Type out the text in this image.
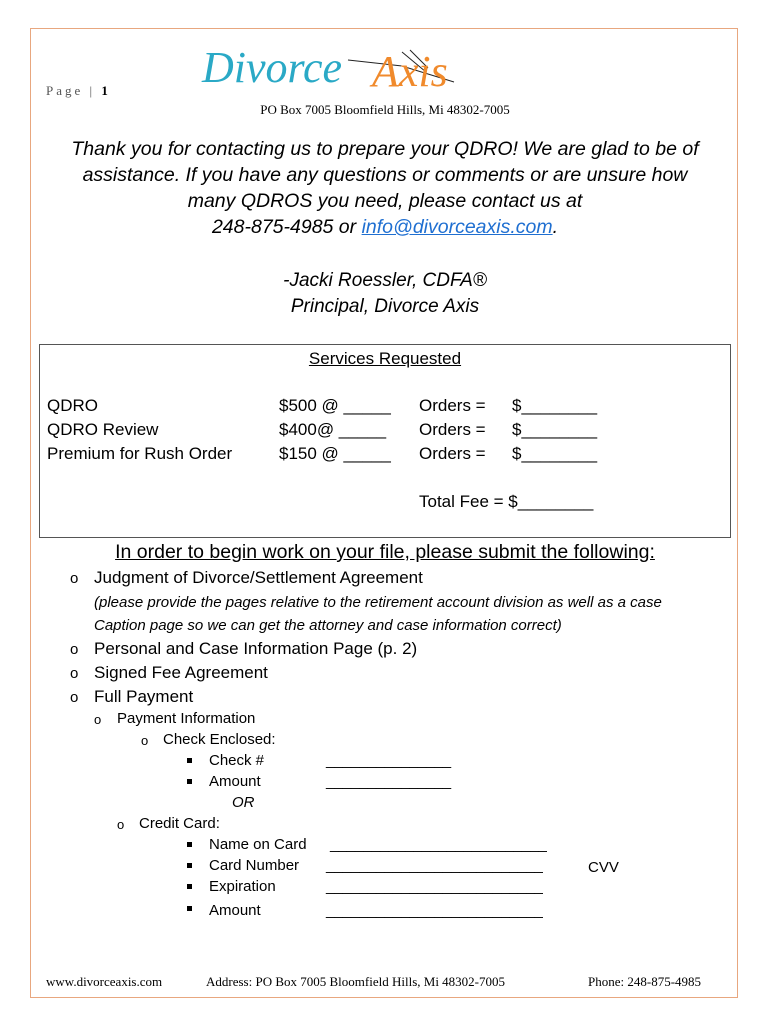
Page | 1 Divorce Axis
PO Box 7005 Bloomfield Hills, Mi 48302-7005
Thank you for contacting us to prepare your QDRO! We are glad to be of
assistance. If you have any questions or comments or are unsure how
many QDROS you need, please contact us at
248-875-4985 or info@divorceaxis.com.
-Jacki Roessler, CDFA®
Principal, Divorce Axis
Services Requested
QDRO	$500 @ _____ Orders = $________
QDRO Review	$400@ _____ Orders = $________
Premium for Rush Order	$150 @ _____ Orders = $________
Total Fee = $________
In order to begin work on your file, please submit the following:
o Judgment of Divorce/Settlement Agreement
(please provide the pages relative to the retirement account division as well as a case
Caption page so we can get the attorney and case information correct)
o Personal and Case Information Page (p. 2)
o Signed Fee Agreement
o Full Payment
o Payment Information
o Check Enclosed:
Check #	_______________
Amount	_______________
OR
o Credit Card:
Name on Card __________________________
Card Number __________________________	CVV
Expiration	__________________________
Amount	__________________________
www.divorceaxis.com	Address: PO Box 7005 Bloomfield Hills, Mi 48302-7005	Phone: 248-875-4985
